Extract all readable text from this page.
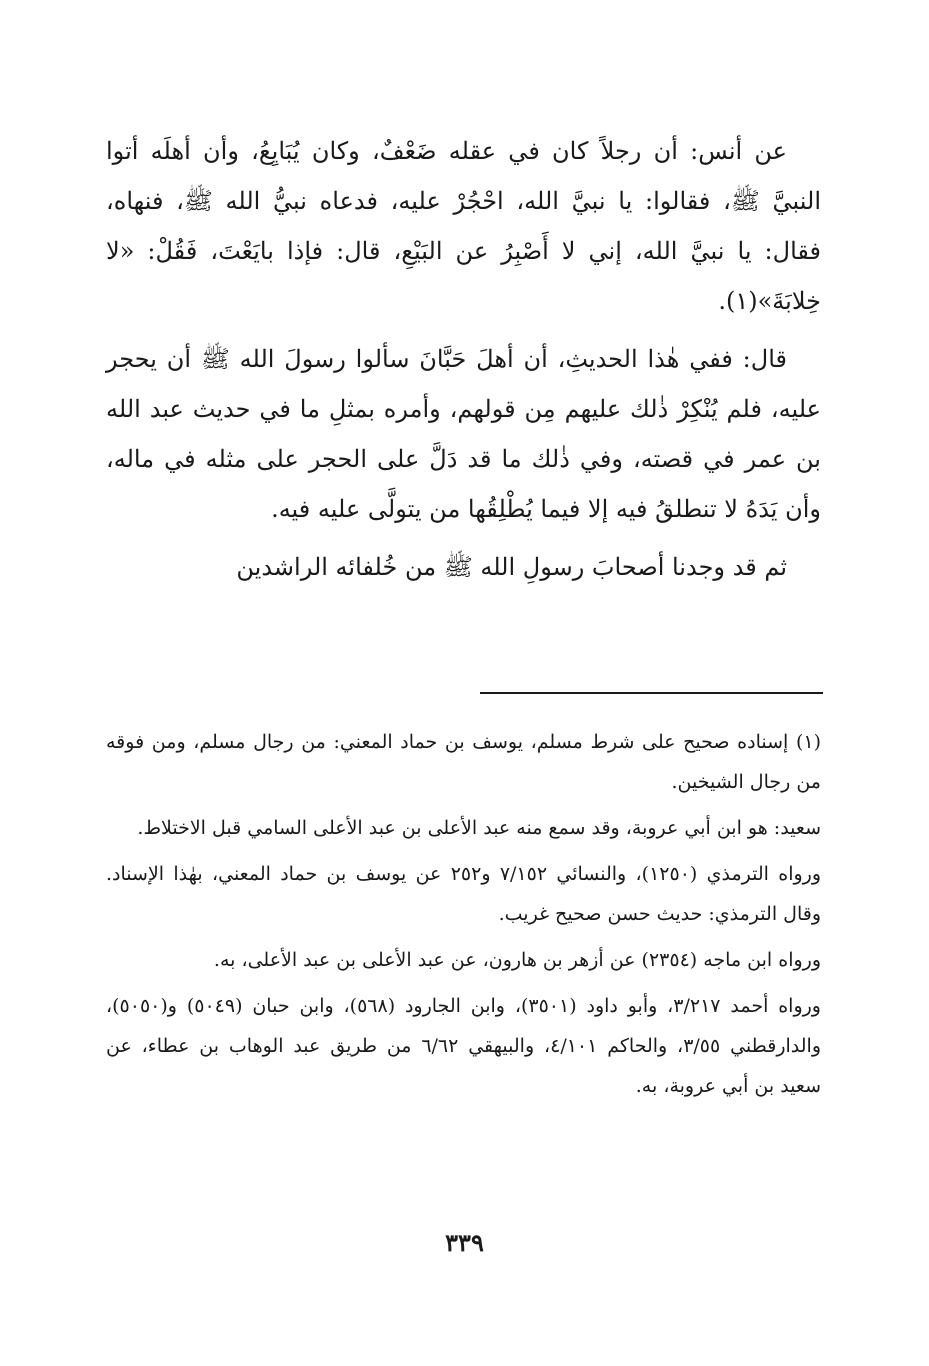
عن أنس: أن رجلاً كان في عقله ضَعْفٌ، وكان يُبَايِعُ، وأن أهلَه أتوا النبيَّ ﷺ، فقالوا: يا نبيَّ الله، احْجُرْ عليه، فدعاه نبيُّ الله ﷺ، فنهاه، فقال: يا نبيَّ الله، إني لا أَصْبِرُ عن البَيْعِ، قال: فإذا بايَعْتَ، فَقُلْ: «لا خِلابَةَ»(١).

قال: ففي هٰذا الحديثِ، أن أهلَ حَبَّانَ سألوا رسولَ الله ﷺ أن يحجر عليه، فلم يُنْكِرْ ذٰلك عليهم مِن قولهم، وأمره بمثلِ ما في حديث عبد الله بن عمر في قصته، وفي ذٰلك ما قد دَلَّ على الحجر على مثله في ماله، وأن يَدَهُ لا تنطلقُ فيه إلا فيما يُطْلِقُها من يتولَّى عليه فيه.

ثم قد وجدنا أصحابَ رسولِ الله ﷺ من خُلفائه الراشدين

(١) إسناده صحيح على شرط مسلم، يوسف بن حماد المعني: من رجال مسلم، ومن فوقه من رجال الشيخين.

سعيد: هو ابن أبي عروبة، وقد سمع منه عبد الأعلى بن عبد الأعلى السامي قبل الاختلاط.

ورواه الترمذي (١٢٥٠)، والنسائي ٧/١٥٢ و٢٥٢ عن يوسف بن حماد المعني، بهٰذا الإسناد. وقال الترمذي: حديث حسن صحيح غريب.

ورواه ابن ماجه (٢٣٥٤) عن أزهر بن هارون، عن عبد الأعلى بن عبد الأعلى، به.

ورواه أحمد ٣/٢١٧، وأبو داود (٣٥٠١)، وابن الجارود (٥٦٨)، وابن حبان (٥٠٤٩) و(٥٠٥٠)، والدارقطني ٣/٥٥، والحاكم ٤/١٠١، والبيهقي ٦/٦٢ من طريق عبد الوهاب بن عطاء، عن سعيد بن أبي عروبة، به.

٣٣٩
